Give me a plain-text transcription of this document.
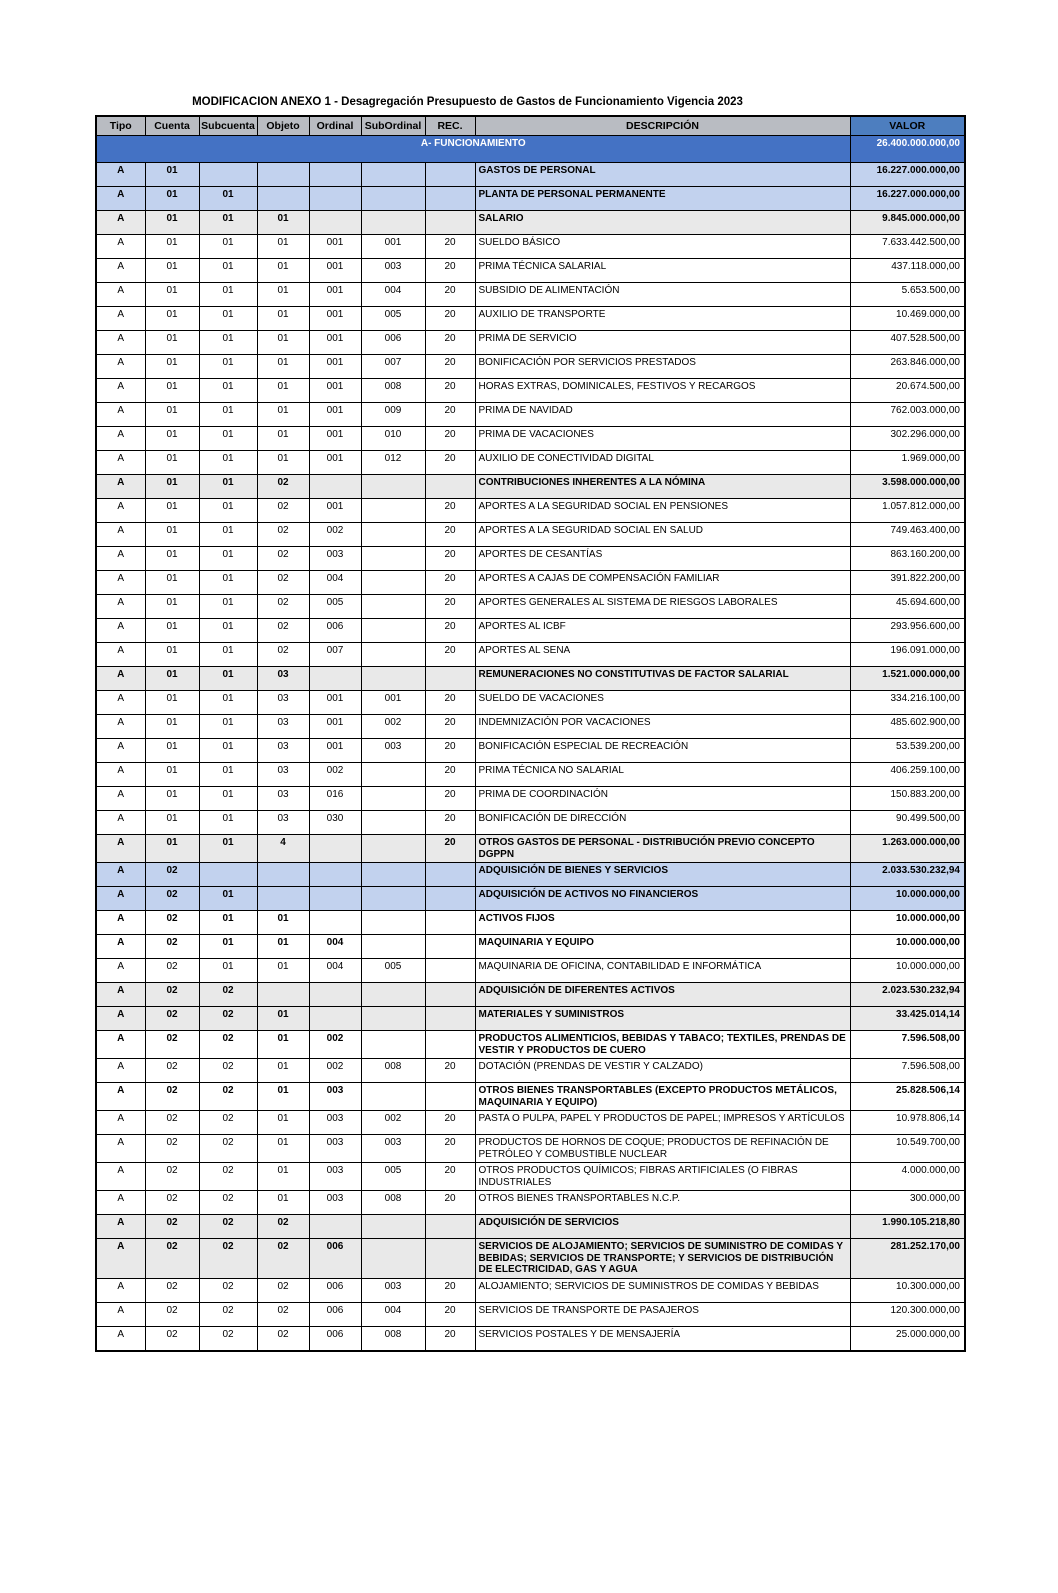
MODIFICACION ANEXO 1 - Desagregación Presupuesto de Gastos de Funcionamiento Vigencia 2023
Tipo	Cuenta	Subcuenta	Objeto	Ordinal	SubOrdinal	REC.	DESCRIPCIÓN	VALOR
A- FUNCIONAMIENTO								26.400.000.000,00
A	01						GASTOS DE PERSONAL	16.227.000.000,00
A	01	01					PLANTA DE PERSONAL PERMANENTE	16.227.000.000,00
A	01	01	01				SALARIO	9.845.000.000,00
A	01	01	01	001	001	20	SUELDO BÁSICO	7.633.442.500,00
A	01	01	01	001	003	20	PRIMA TÉCNICA SALARIAL	437.118.000,00
A	01	01	01	001	004	20	SUBSIDIO DE ALIMENTACIÓN	5.653.500,00
A	01	01	01	001	005	20	AUXILIO DE TRANSPORTE	10.469.000,00
A	01	01	01	001	006	20	PRIMA DE SERVICIO	407.528.500,00
A	01	01	01	001	007	20	BONIFICACIÓN POR SERVICIOS PRESTADOS	263.846.000,00
A	01	01	01	001	008	20	HORAS EXTRAS, DOMINICALES, FESTIVOS Y RECARGOS	20.674.500,00
A	01	01	01	001	009	20	PRIMA DE NAVIDAD	762.003.000,00
A	01	01	01	001	010	20	PRIMA DE VACACIONES	302.296.000,00
A	01	01	01	001	012	20	AUXILIO DE CONECTIVIDAD DIGITAL	1.969.000,00
A	01	01	02				CONTRIBUCIONES INHERENTES A LA NÓMINA	3.598.000.000,00
A	01	01	02	001		20	APORTES A LA SEGURIDAD SOCIAL EN PENSIONES	1.057.812.000,00
A	01	01	02	002		20	APORTES A LA SEGURIDAD SOCIAL EN SALUD	749.463.400,00
A	01	01	02	003		20	APORTES DE CESANTÍAS	863.160.200,00
A	01	01	02	004		20	APORTES A CAJAS DE COMPENSACIÓN FAMILIAR	391.822.200,00
A	01	01	02	005		20	APORTES GENERALES AL SISTEMA DE RIESGOS LABORALES	45.694.600,00
A	01	01	02	006		20	APORTES AL ICBF	293.956.600,00
A	01	01	02	007		20	APORTES AL SENA	196.091.000,00
A	01	01	03				REMUNERACIONES NO CONSTITUTIVAS DE FACTOR SALARIAL	1.521.000.000,00
A	01	01	03	001	001	20	SUELDO DE VACACIONES	334.216.100,00
A	01	01	03	001	002	20	INDEMNIZACIÓN POR VACACIONES	485.602.900,00
A	01	01	03	001	003	20	BONIFICACIÓN ESPECIAL DE RECREACIÓN	53.539.200,00
A	01	01	03	002		20	PRIMA TÉCNICA NO SALARIAL	406.259.100,00
A	01	01	03	016		20	PRIMA DE COORDINACIÓN	150.883.200,00
A	01	01	03	030		20	BONIFICACIÓN DE DIRECCIÓN	90.499.500,00
A	01	01	4			20	OTROS GASTOS DE PERSONAL - DISTRIBUCIÓN PREVIO CONCEPTO DGPPN	1.263.000.000,00
A	02						ADQUISICIÓN DE BIENES Y SERVICIOS	2.033.530.232,94
A	02	01					ADQUISICIÓN DE ACTIVOS NO FINANCIEROS	10.000.000,00
A	02	01	01				ACTIVOS FIJOS	10.000.000,00
A	02	01	01	004			MAQUINARIA Y EQUIPO	10.000.000,00
A	02	01	01	004	005		MAQUINARIA DE OFICINA, CONTABILIDAD E INFORMÁTICA	10.000.000,00
A	02	02					ADQUISICIÓN DE DIFERENTES ACTIVOS	2.023.530.232,94
A	02	02	01				MATERIALES Y SUMINISTROS	33.425.014,14
A	02	02	01	002			PRODUCTOS ALIMENTICIOS, BEBIDAS Y TABACO; TEXTILES, PRENDAS DE VESTIR Y PRODUCTOS DE CUERO	7.596.508,00
A	02	02	01	002	008	20	DOTACIÓN (PRENDAS DE VESTIR Y CALZADO)	7.596.508,00
A	02	02	01	003			OTROS BIENES TRANSPORTABLES (EXCEPTO PRODUCTOS METÁLICOS, MAQUINARIA Y EQUIPO)	25.828.506,14
A	02	02	01	003	002	20	PASTA O PULPA, PAPEL Y PRODUCTOS DE PAPEL; IMPRESOS Y ARTÍCULOS	10.978.806,14
A	02	02	01	003	003	20	PRODUCTOS DE HORNOS DE COQUE; PRODUCTOS DE REFINACIÓN DE PETRÓLEO Y COMBUSTIBLE NUCLEAR	10.549.700,00
A	02	02	01	003	005	20	OTROS PRODUCTOS QUÍMICOS; FIBRAS ARTIFICIALES (O FIBRAS INDUSTRIALES	4.000.000,00
A	02	02	01	003	008	20	OTROS BIENES TRANSPORTABLES N.C.P.	300.000,00
A	02	02	02				ADQUISICIÓN DE SERVICIOS	1.990.105.218,80
A	02	02	02	006			SERVICIOS DE ALOJAMIENTO; SERVICIOS DE SUMINISTRO DE COMIDAS Y BEBIDAS; SERVICIOS DE TRANSPORTE; Y SERVICIOS DE DISTRIBUCIÓN DE ELECTRICIDAD, GAS Y AGUA	281.252.170,00
A	02	02	02	006	003	20	ALOJAMIENTO; SERVICIOS DE SUMINISTROS DE COMIDAS Y BEBIDAS	10.300.000,00
A	02	02	02	006	004	20	SERVICIOS DE TRANSPORTE DE PASAJEROS	120.300.000,00
A	02	02	02	006	008	20	SERVICIOS POSTALES Y DE MENSAJERÍA	25.000.000,00
